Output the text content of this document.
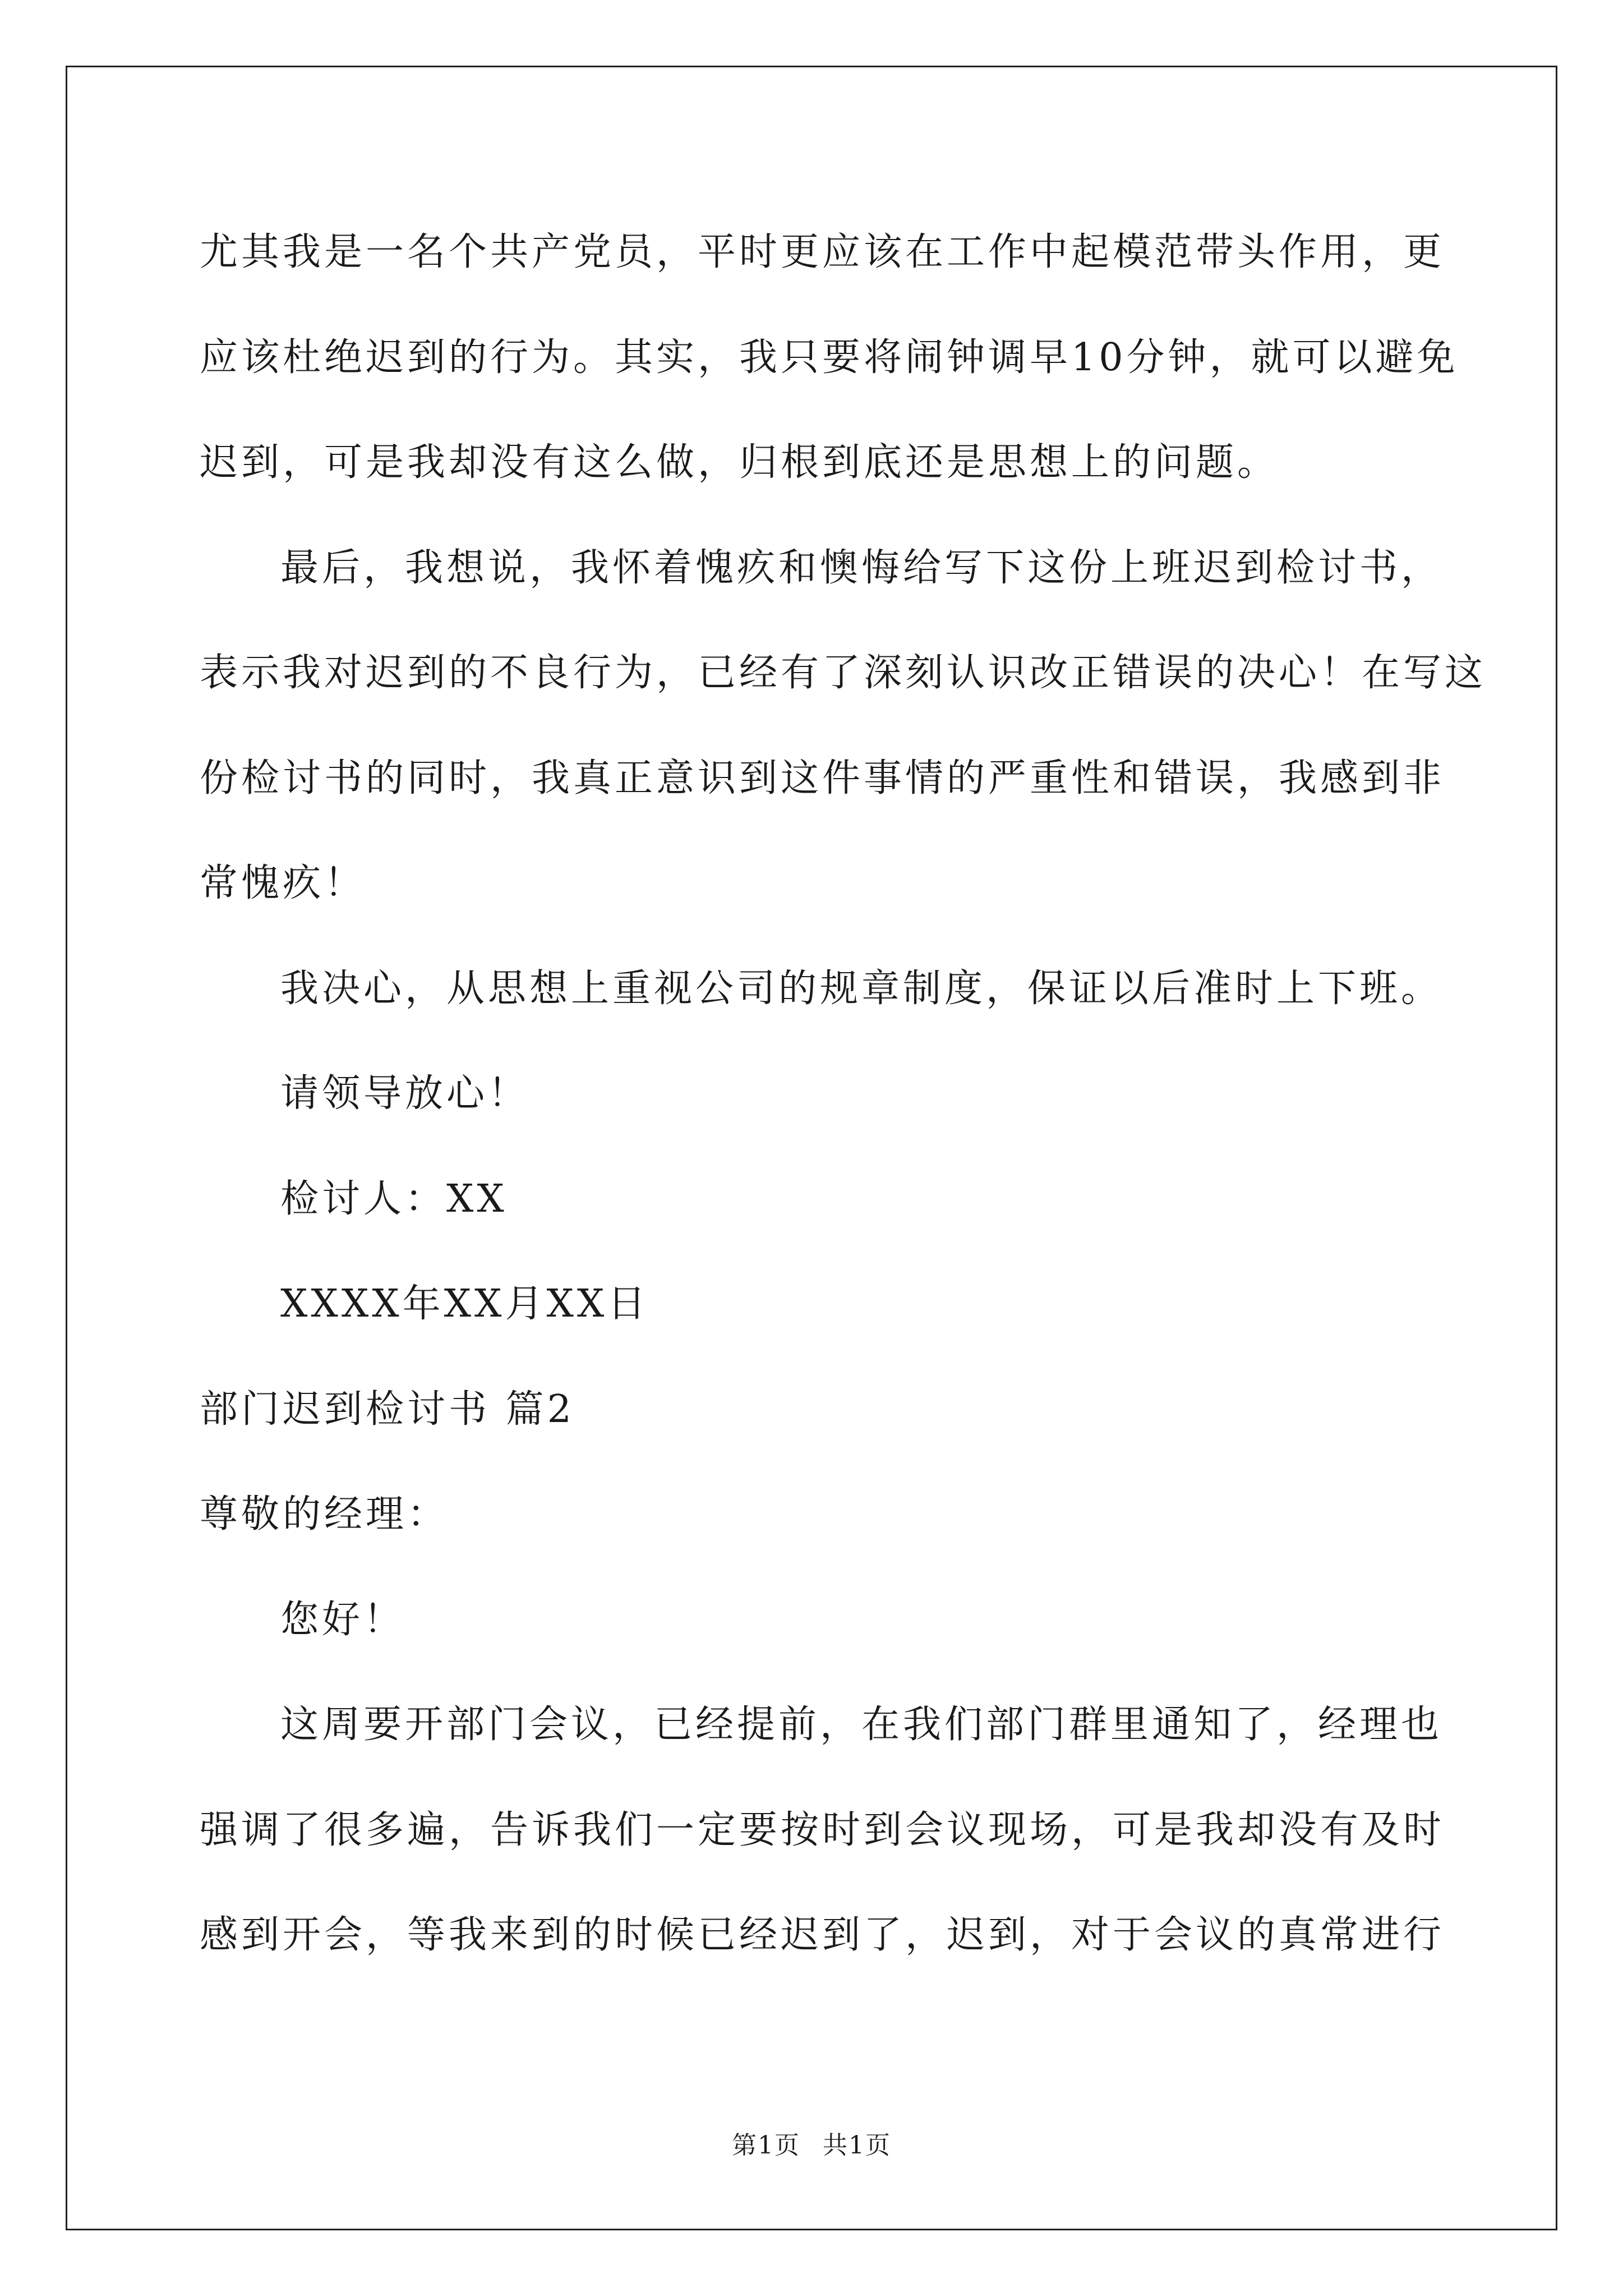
尤其我是一名个共产党员，平时更应该在工作中起模范带头作用，更
应该杜绝迟到的行为。其实，我只要将闹钟调早10分钟，就可以避免
迟到，可是我却没有这么做，归根到底还是思想上的问题。
最后，我想说，我怀着愧疚和懊悔给写下这份上班迟到检讨书，
表示我对迟到的不良行为，已经有了深刻认识改正错误的决心！在写这
份检讨书的同时，我真正意识到这件事情的严重性和错误，我感到非
常愧疚！
我决心，从思想上重视公司的规章制度，保证以后准时上下班。
请领导放心！
检讨人：XX
XXXX年XX月XX日
部门迟到检讨书 篇2
尊敬的经理：
您好！
这周要开部门会议，已经提前，在我们部门群里通知了，经理也
强调了很多遍，告诉我们一定要按时到会议现场，可是我却没有及时
感到开会，等我来到的时候已经迟到了，迟到，对于会议的真常进行
第1页 共1页
